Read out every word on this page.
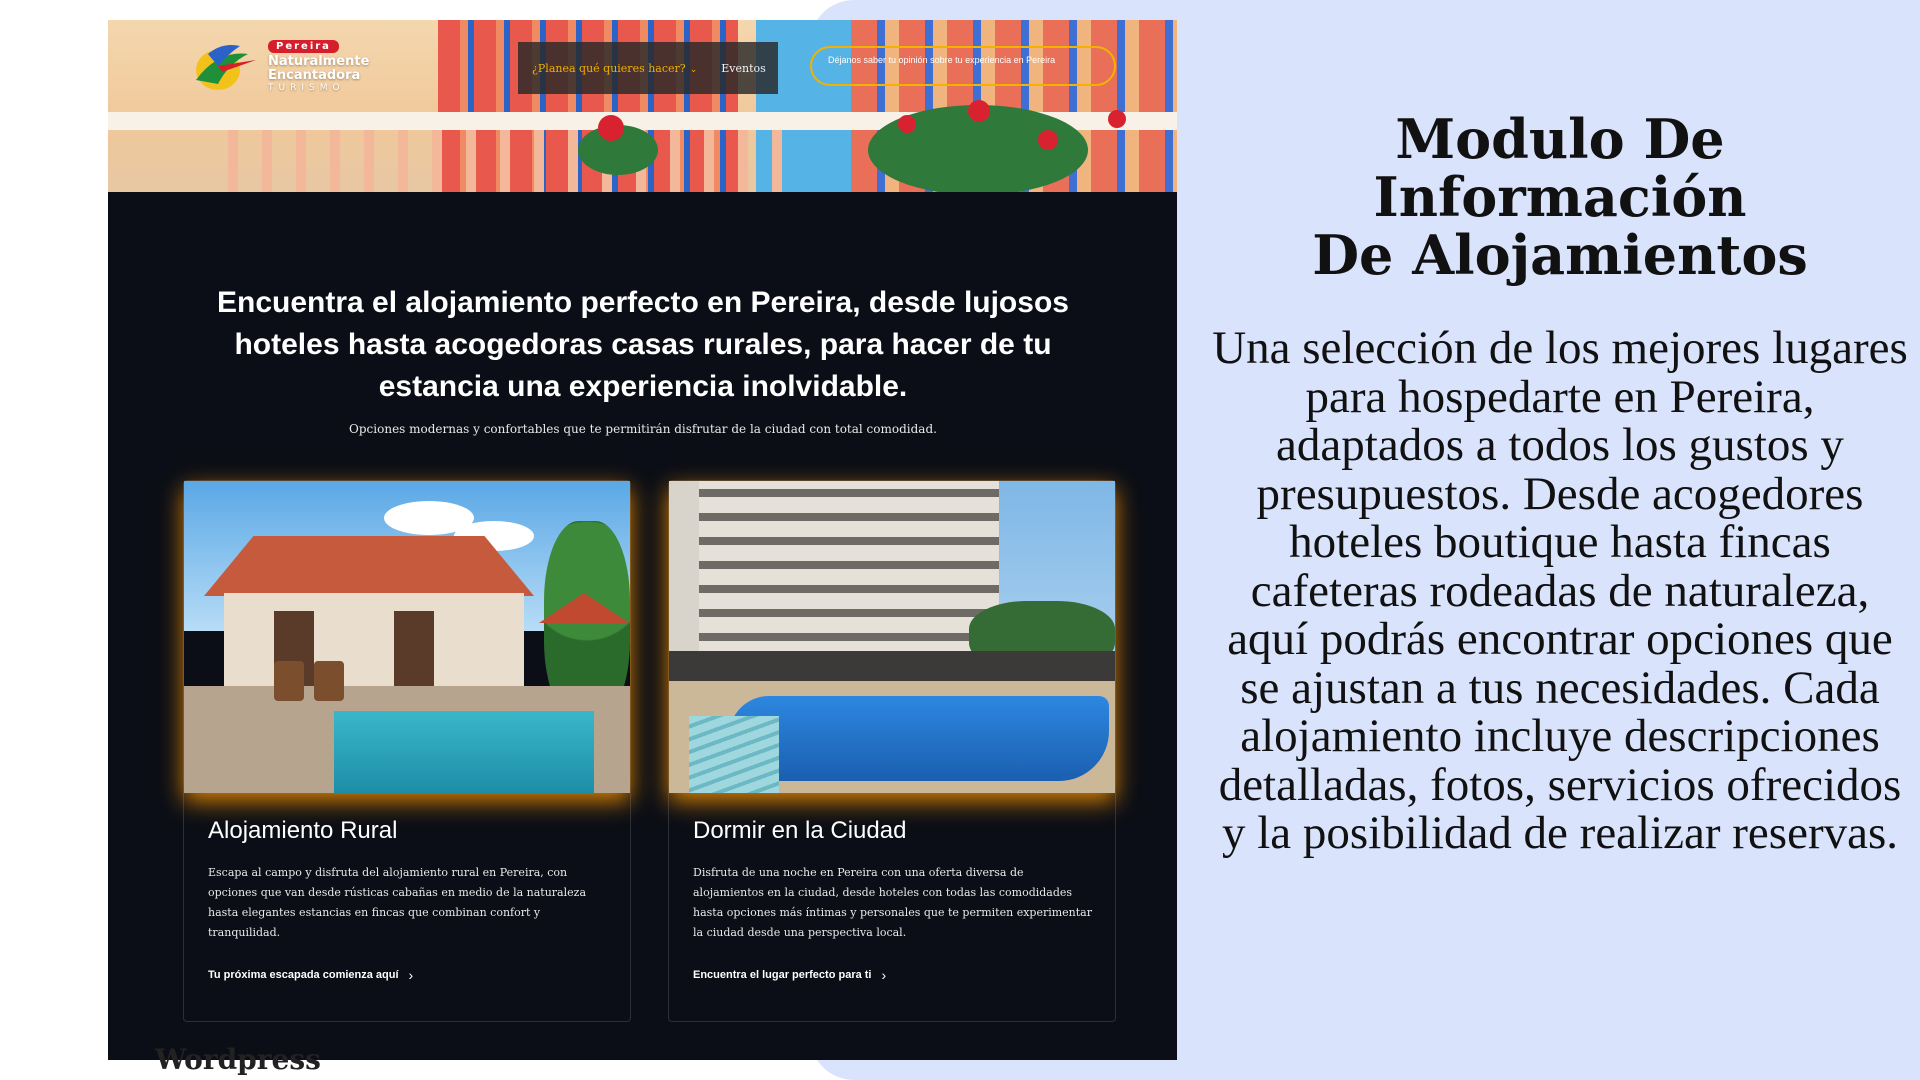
Pereira
Naturalmente
Encantadora
TURISMO
¿Planea qué quieres hacer? ⌄ Eventos
Déjanos saber tu opinión sobre tu experiencia en Pereira
Encuentra el alojamiento perfecto en Pereira, desde lujosos hoteles hasta acogedoras casas rurales, para hacer de tu estancia una experiencia inolvidable.
Opciones modernas y confortables que te permitirán disfrutar de la ciudad con total comodidad.
Alojamiento Rural
Escapa al campo y disfruta del alojamiento rural en Pereira, con opciones que van desde rústicas cabañas en medio de la naturaleza hasta elegantes estancias en fincas que combinan confort y tranquilidad.
Tu próxima escapada comienza aquí ›
Dormir en la Ciudad
Disfruta de una noche en Pereira con una oferta diversa de alojamientos en la ciudad, desde hoteles con todas las comodidades hasta opciones más íntimas y personales que te permiten experimentar la ciudad desde una perspectiva local.
Encuentra el lugar perfecto para ti ›
Wordpress
Modulo De Información
De Alojamientos
Una selección de los mejores lugares para hospedarte en Pereira, adaptados a todos los gustos y presupuestos. Desde acogedores hoteles boutique hasta fincas cafeteras rodeadas de naturaleza, aquí podrás encontrar opciones que se ajustan a tus necesidades. Cada alojamiento incluye descripciones detalladas, fotos, servicios ofrecidos y la posibilidad de realizar reservas.
